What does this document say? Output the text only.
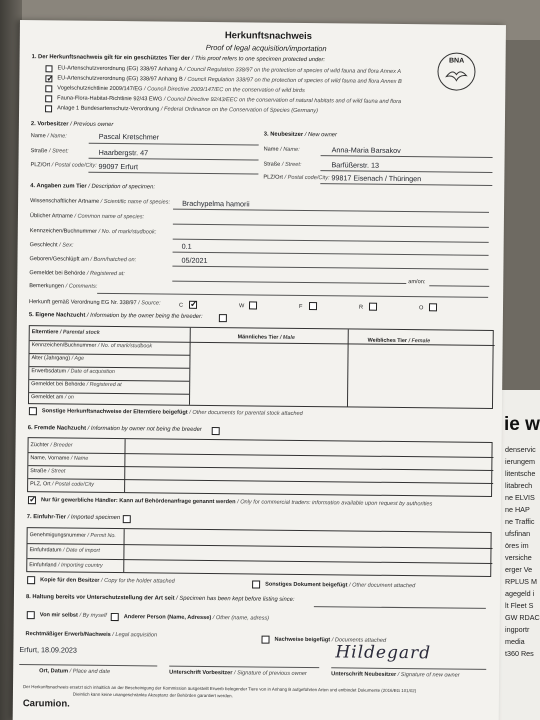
ie w
denservic
ierungem
litentsche
litabrech
ne ELVIS
ne HAP
ne Traffic
ufsfinan
öres im
versiche
erger Ve
RPLUS M
agegeld i
lt Fleet S
GW RDAC
ingportr
media
t360 Res
Herkunftsnachweis
Proof of legal acquisition/importation
BNA
1. Der Herkunftsnachweis gilt für ein geschütztes Tier der / This proof refers to one specimen protected under:
EU-Artenschutzverordnung (EG) 338/97 Anhang A / Council Regulation 338/97 on the protection of species of wild fauna and flora Annex A
✓
EU-Artenschutzverordnung (EG) 338/97 Anhang B / Council Regulation 338/97 on the protection of species of wild fauna and flora Annex B
Vogelschutzrichtlinie 2009/147/EG / Council Directive 2009/147/EC on the conservation of wild birds
Fauna-Flora-Habitat-Richtlinie 92/43 EWG / Council Directive 92/43/EEC on the conservation of natural habitats and of wild fauna and flora
Anlage 1 Bundesartenschutz-Verordnung / Federal Ordinance on the Conservation of Species (Germany)
2. Vorbesitzer / Previous owner
Name / Name:	Pascal Kretschmer
Straße / Street:	Haarbergstr. 47
PLZ/Ort / Postal code/City: 99097 Erfurt
3. Neubesitzer / New owner
Name / Name:	Anna-Maria Barsakov
Straße / Street:	Barfüßerstr. 13
PLZ/Ort / Postal code/City: 99817 Eisenach / Thüringen
4. Angaben zum Tier / Description of specimen:
Wissenschaftlicher Artname / Scientific name of species: Brachypelma hamorii
Üblicher Artname / Common name of species:
Kennzeichen/Buchnummer / No. of mark/studbook:
Geschlecht / Sex:	0.1
Geboren/Geschlüpft am / Born/hatched on:	05/2021
Gemeldet bei Behörde / Registered at:
am/on:
Bemerkungen / Comments:
Herkunft gemäß Verordnung EG Nr. 338/97 / Source:	C
✓	W	F	R	O
5. Eigene Nachzucht / Information by the owner being the breeder:
Elterntiere / Parental stock
Männliches Tier / Male	Weibliches Tier / Female
Kennzeichen/Buchnummer / No. of mark/studbook
Alter (Jahrgang) / Age
Erwerbsdatum / Date of acquisition
Gemeldet bei Behörde / Registered at
Gemeldet am / on
Sonstige Herkunftsnachweise der Elterntiere beigefügt / Other documents for parental stock attached
6. Fremde Nachzucht / Information by owner not being the breeder
Züchter / Breeder
Name, Vorname / Name
Straße / Street
PLZ, Ort / Postal code/City
✓
Nur für gewerbliche Händler: Kann auf Behördenanfrage genannt werden / Only for commercial traders: information available upon request by authorities
7. Einfuhr-Tier / Imported specimen
Genehmigungsnummer / Permit No.
Einfuhrdatum / Date of import
Einfuhrland / Importing country
Kopie für den Besitzer / Copy for the holder attached
Sonstiges Dokument beigefügt / Other document attached
8. Haltung bereits vor Unterschutzstellung der Art seit / Specimen has been kept before listing since:
Von mir selbst / By myself	Anderer Person (Name, Adresse) / Other (name, adress)
Rechtmäßiger Erwerb/Nachweis / Legal acquisition
Nachweise beigefügt / Documents attached
Erfurt, 18.09.2023	Hildegard
Ort, Datum / Place and date	Unterschrift Vorbesitzer / Signature of previous owner	Unterschrift Neubesitzer / Signature of new owner
Der Herkunftsnachweis ersetzt sich inhaltlich an der Bescheinigung der Kommission ausgestellt Erwerb belegender Tiere von in Anhang B aufgeführten Arten und entbindet Dokumente (2016/EG 101/02)
Dieinlich kann keine unangeschränkte Akzeptanz der Behörden garantiert werden.
Carumion.
